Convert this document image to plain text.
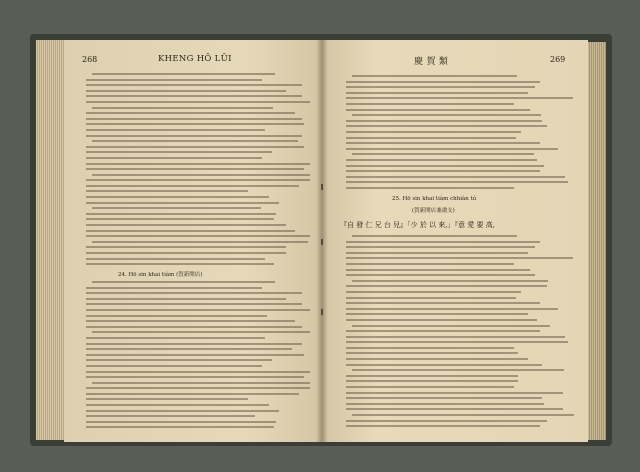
268	KHENG HÔ LŪI
24. Hō sin khai tiàm (賀新開店)
慶 賀 類	269
25. Hō sin khai tiàm chhiàn tú
(賀新開店兼肅支)
『自 發 仁 兄 台 兒』「少 於 以 來,」『意 愛 要 高,
